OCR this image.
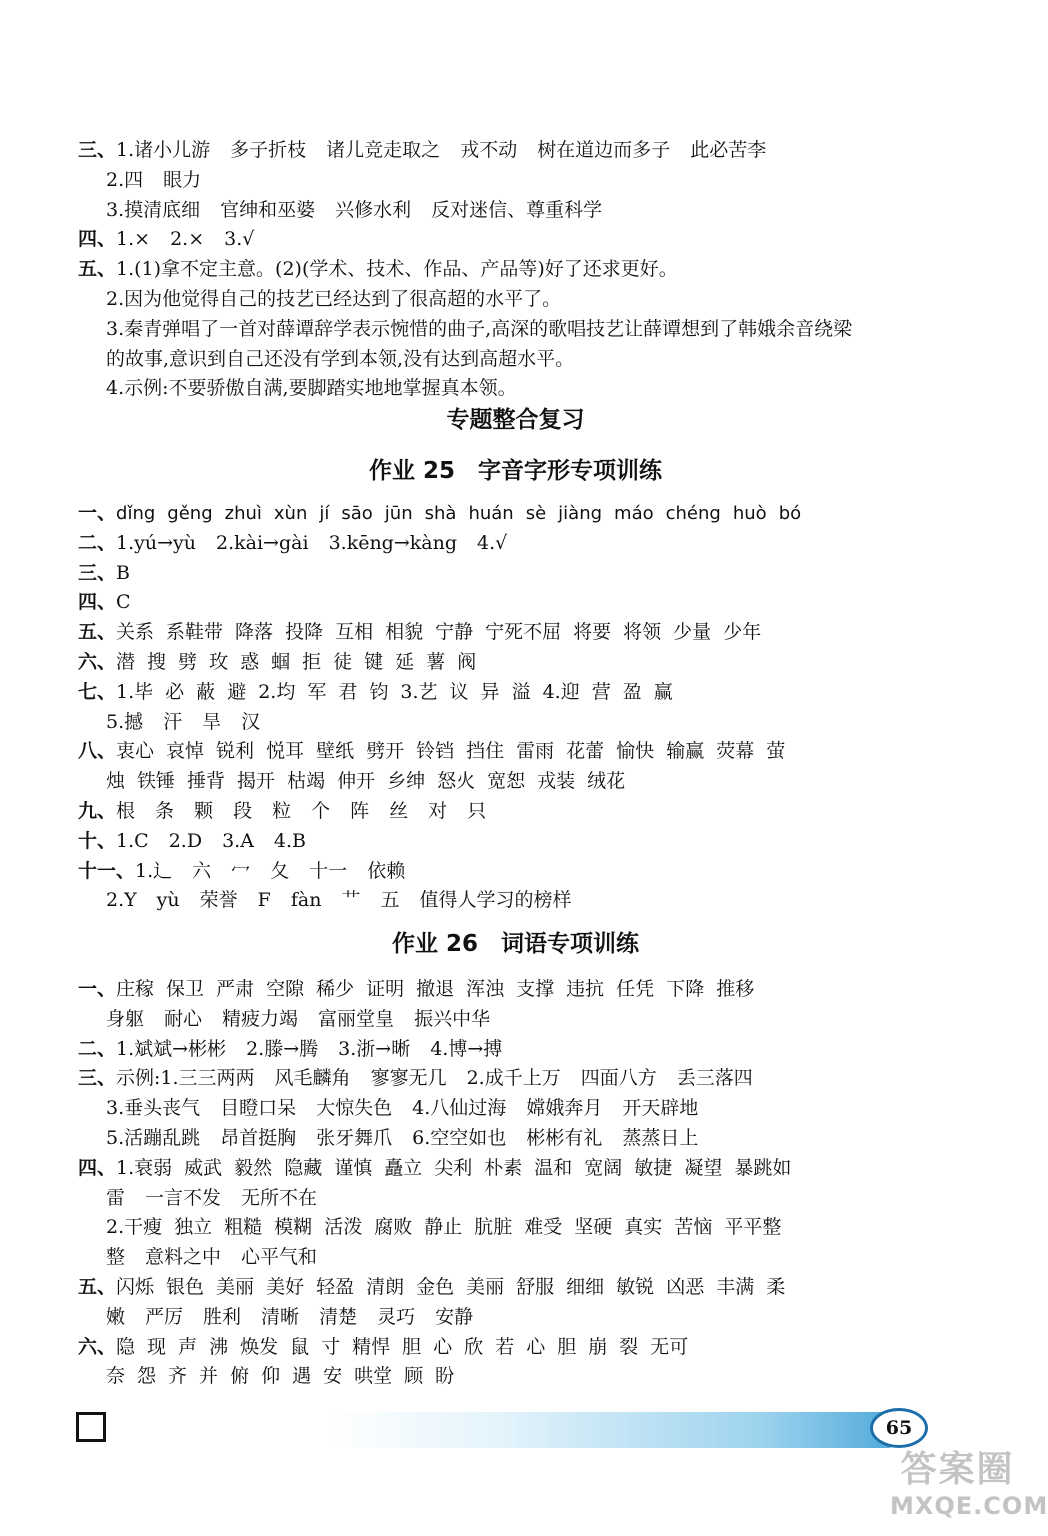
三、1.诸小儿游 多子折枝 诸儿竞走取之 戎不动 树在道边而多子 此必苦李
2.四 眼力
3.摸清底细 官绅和巫婆 兴修水利 反对迷信、尊重科学
四、1.× 2.× 3.√
五、1.(1)拿不定主意。(2)(学术、技术、作品、产品等)好了还求更好。
2.因为他觉得自己的技艺已经达到了很高超的水平了。
3.秦青弹唱了一首对薛谭辞学表示惋惜的曲子,高深的歌唱技艺让薛谭想到了韩娥余音绕梁
的故事,意识到自己还没有学到本领,没有达到高超水平。
4.示例:不要骄傲自满,要脚踏实地地掌握真本领。
专题整合复习
作业 25　字音字形专项训练
一、dǐng gěng zhuì xùn jí sāo jūn shà huán sè jiàng máo chéng huò bó
二、1.yú→yù 2.kài→gài 3.kēng→kàng 4.√
三、B
四、C
五、关系 系鞋带 降落 投降 互相 相貌 宁静 宁死不屈 将要 将领 少量 少年
六、潜 搜 劈 玫 惑 蝈 拒 徒 键 延 薯 阀
七、1.毕 必 蔽 避 2.均 军 君 钧 3.艺 议 异 溢 4.迎 营 盈 赢
5.撼 汗 旱 汉
八、衷心 哀悼 锐利 悦耳 壁纸 劈开 铃铛 挡住 雷雨 花蕾 愉快 输赢 荧幕 萤
烛 铁锤 捶背 揭开 枯竭 伸开 乡绅 怒火 宽恕 戎装 绒花
九、根 条 颗 段 粒 个 阵 丝 对 只
十、1.C 2.D 3.A 4.B
十一、1.辶 六 冖 夂 十一 依赖
2.Y yù 荣誉 F fàn 艹 五 值得人学习的榜样
作业 26　词语专项训练
一、庄稼 保卫 严肃 空隙 稀少 证明 撤退 浑浊 支撑 违抗 任凭 下降 推移
身躯 耐心 精疲力竭 富丽堂皇 振兴中华
二、1.斌斌→彬彬 2.滕→腾 3.浙→晰 4.博→搏
三、示例:1.三三两两 风毛麟角 寥寥无几 2.成千上万 四面八方 丢三落四
3.垂头丧气 目瞪口呆 大惊失色 4.八仙过海 嫦娥奔月 开天辟地
5.活蹦乱跳 昂首挺胸 张牙舞爪 6.空空如也 彬彬有礼 蒸蒸日上
四、1.衰弱 威武 毅然 隐藏 谨慎 矗立 尖利 朴素 温和 宽阔 敏捷 凝望 暴跳如
雷 一言不发 无所不在
2.干瘦 独立 粗糙 模糊 活泼 腐败 静止 肮脏 难受 坚硬 真实 苦恼 平平整
整 意料之中 心平气和
五、闪烁 银色 美丽 美好 轻盈 清朗 金色 美丽 舒服 细细 敏锐 凶恶 丰满 柔
嫩 严厉 胜利 清晰 清楚 灵巧 安静
六、隐 现 声 沸 焕发 鼠 寸 精悍 胆 心 欣 若 心 胆 崩 裂 无可
奈 怨 齐 并 俯 仰 遇 安 哄堂 顾 盼
65
答案圈
MXQE.COM
